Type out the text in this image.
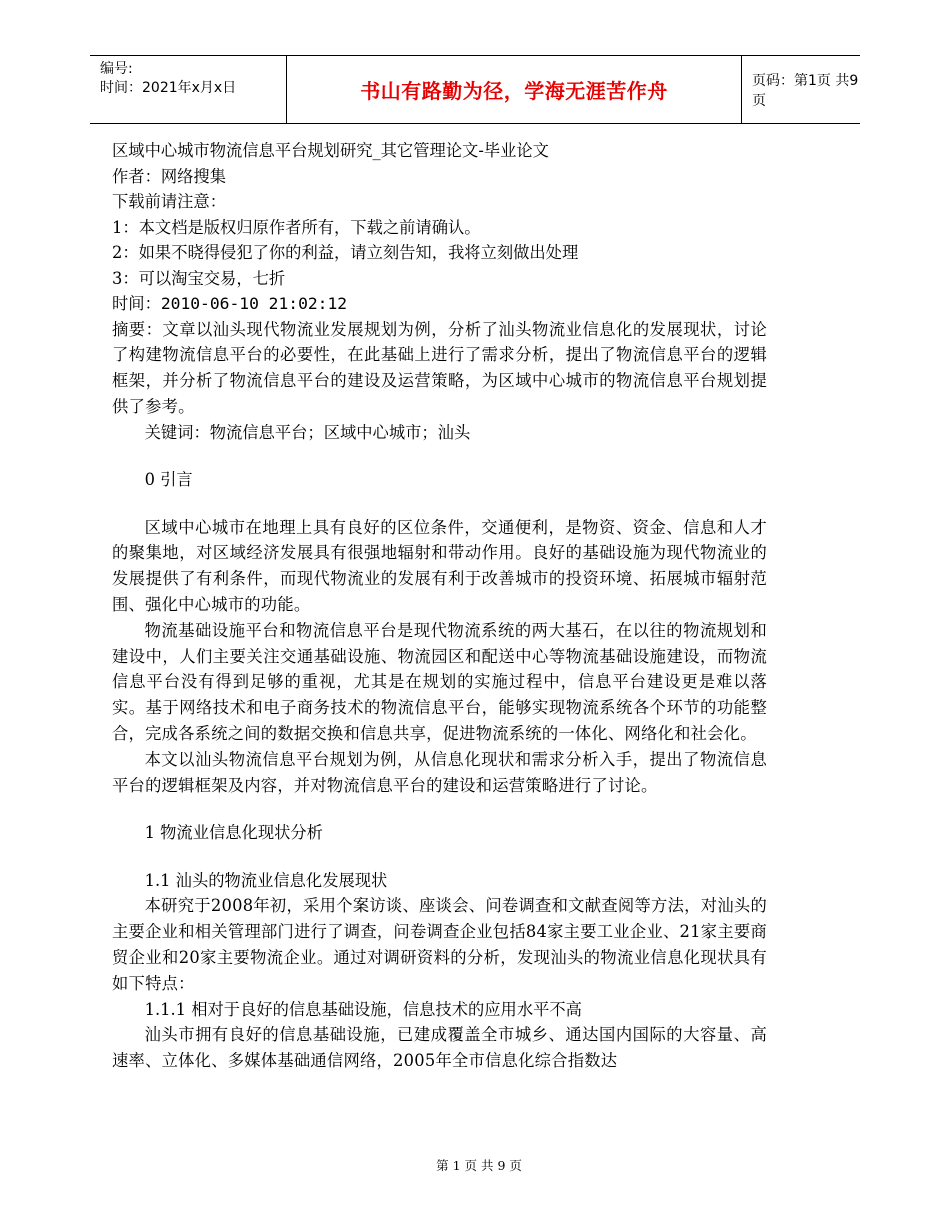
编号:
时间：2021年x月x日	书山有路勤为径，学海无涯苦作舟	页码：第1页 共9页
区域中心城市物流信息平台规划研究_其它管理论文-毕业论文
作者：网络搜集
下载前请注意：
1：本文档是版权归原作者所有，下载之前请确认。
2：如果不晓得侵犯了你的利益，请立刻告知，我将立刻做出处理
3：可以淘宝交易，七折
时间：2010-06-10 21:02:12
摘要：文章以汕头现代物流业发展规划为例，分析了汕头物流业信息化的发展现状，讨论了构建物流信息平台的必要性，在此基础上进行了需求分析，提出了物流信息平台的逻辑框架，并分析了物流信息平台的建设及运营策略，为区域中心城市的物流信息平台规划提供了参考。
关键词：物流信息平台；区域中心城市；汕头
0 引言
区域中心城市在地理上具有良好的区位条件，交通便利，是物资、资金、信息和人才的聚集地，对区域经济发展具有很强地辐射和带动作用。良好的基础设施为现代物流业的发展提供了有利条件，而现代物流业的发展有利于改善城市的投资环境、拓展城市辐射范围、强化中心城市的功能。
物流基础设施平台和物流信息平台是现代物流系统的两大基石，在以往的物流规划和建设中，人们主要关注交通基础设施、物流园区和配送中心等物流基础设施建设，而物流信息平台没有得到足够的重视，尤其是在规划的实施过程中，信息平台建设更是难以落实。基于网络技术和电子商务技术的物流信息平台，能够实现物流系统各个环节的功能整合，完成各系统之间的数据交换和信息共享，促进物流系统的一体化、网络化和社会化。
本文以汕头物流信息平台规划为例，从信息化现状和需求分析入手，提出了物流信息平台的逻辑框架及内容，并对物流信息平台的建设和运营策略进行了讨论。
1 物流业信息化现状分析
1.1 汕头的物流业信息化发展现状
本研究于2008年初，采用个案访谈、座谈会、问卷调查和文献查阅等方法，对汕头的主要企业和相关管理部门进行了调查，问卷调查企业包括84家主要工业企业、21家主要商贸企业和20家主要物流企业。通过对调研资料的分析，发现汕头的物流业信息化现状具有如下特点：
1.1.1 相对于良好的信息基础设施，信息技术的应用水平不高
汕头市拥有良好的信息基础设施，已建成覆盖全市城乡、通达国内国际的大容量、高速率、立体化、多媒体基础通信网络，2005年全市信息化综合指数达
第 1 页 共 9 页
